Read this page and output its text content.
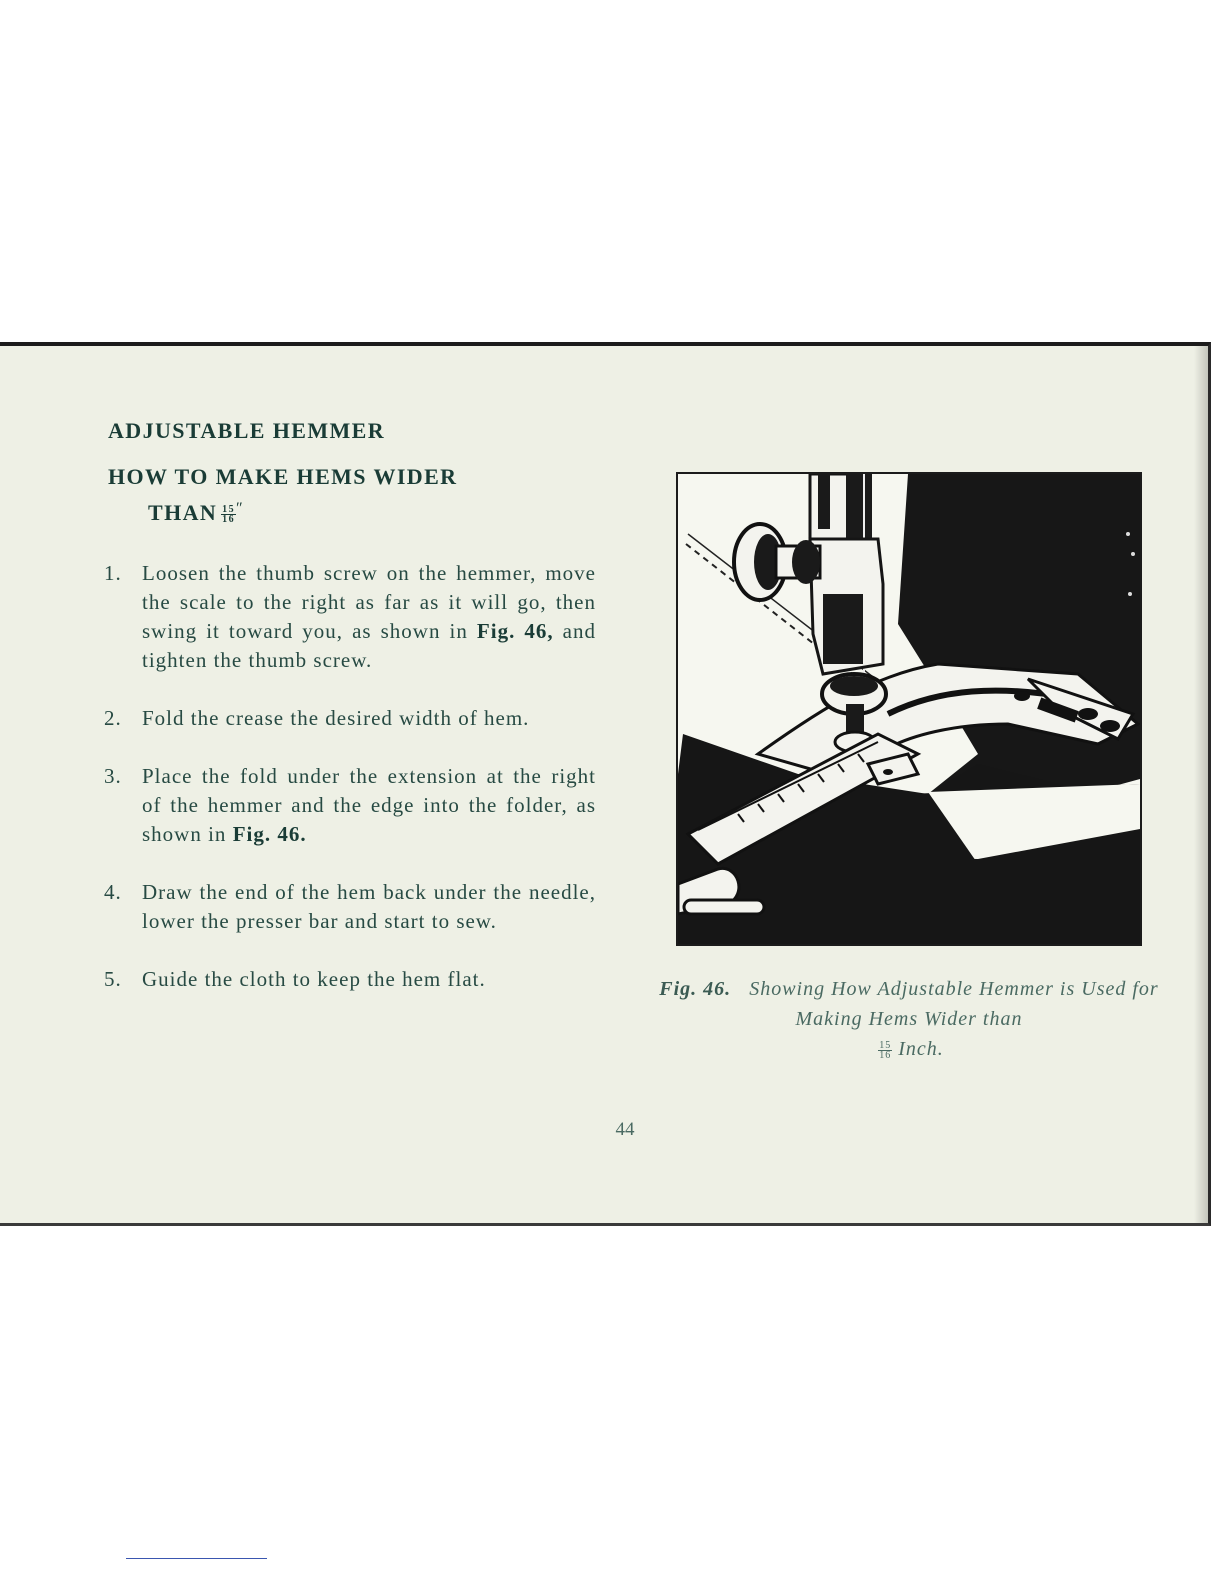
ADJUSTABLE HEMMER
HOW TO MAKE HEMS WIDER
THAN $\frac{15}{16} ''$
1. Loosen the thumb screw on the hemmer, move the scale to the right as far as it will go, then swing it toward you, as shown in Fig. 46, and tighten the thumb screw.
2. Fold the crease the desired width of hem.
3. Place the fold under the extension at the right of the hemmer and the edge into the folder, as shown in Fig. 46.
4. Draw the end of the hem back under the needle, lower the presser bar and start to sew.
5. Guide the cloth to keep the hem flat.	Fig. 46. Showing How Adjustable Hemmer is Used for Making Hems Wider than

$\frac{15}{16}$ Inch.
44
